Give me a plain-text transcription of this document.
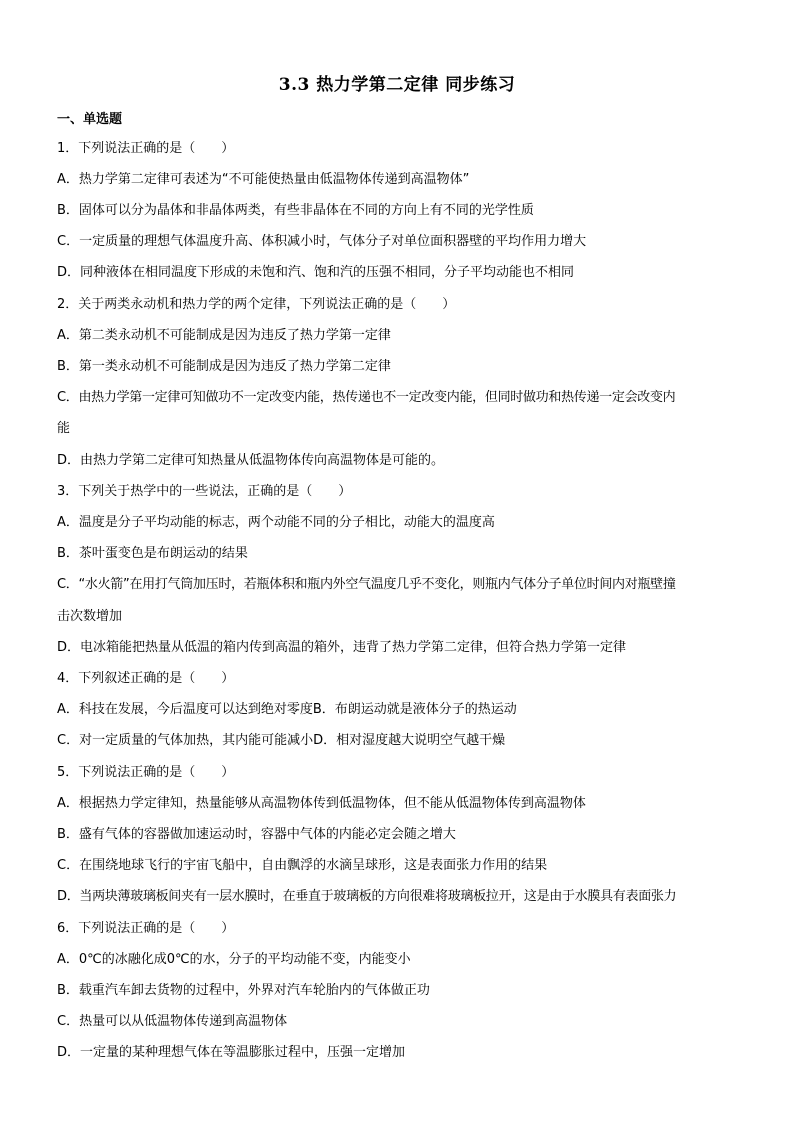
3.3 热力学第二定律 同步练习
一、单选题
1．下列说法正确的是（　　）
A．热力学第二定律可表述为“不可能使热量由低温物体传递到高温物体”
B．固体可以分为晶体和非晶体两类，有些非晶体在不同的方向上有不同的光学性质
C．一定质量的理想气体温度升高、体积减小时，气体分子对单位面积器壁的平均作用力增大
D．同种液体在相同温度下形成的未饱和汽、饱和汽的压强不相同，分子平均动能也不相同
2．关于两类永动机和热力学的两个定律，下列说法正确的是（　　）
A．第二类永动机不可能制成是因为违反了热力学第一定律
B．第一类永动机不可能制成是因为违反了热力学第二定律
C．由热力学第一定律可知做功不一定改变内能，热传递也不一定改变内能，但同时做功和热传递一定会改变内
能
D．由热力学第二定律可知热量从低温物体传向高温物体是可能的。
3．下列关于热学中的一些说法，正确的是（　　）
A．温度是分子平均动能的标志，两个动能不同的分子相比，动能大的温度高
B．茶叶蛋变色是布朗运动的结果
C．“水火箭”在用打气筒加压时，若瓶体积和瓶内外空气温度几乎不变化，则瓶内气体分子单位时间内对瓶壁撞
击次数增加
D．电冰箱能把热量从低温的箱内传到高温的箱外，违背了热力学第二定律，但符合热力学第一定律
4．下列叙述正确的是（　　）
A．科技在发展，今后温度可以达到绝对零度B．布朗运动就是液体分子的热运动
C．对一定质量的气体加热，其内能可能减小D．相对湿度越大说明空气越干燥
5．下列说法正确的是（　　）
A．根据热力学定律知，热量能够从高温物体传到低温物体，但不能从低温物体传到高温物体
B．盛有气体的容器做加速运动时，容器中气体的内能必定会随之增大
C．在围绕地球飞行的宇宙飞船中，自由飘浮的水滴呈球形，这是表面张力作用的结果
D．当两块薄玻璃板间夹有一层水膜时，在垂直于玻璃板的方向很难将玻璃板拉开，这是由于水膜具有表面张力
6．下列说法正确的是（　　）
A．0℃的冰融化成0℃的水，分子的平均动能不变，内能变小
B．载重汽车卸去货物的过程中，外界对汽车轮胎内的气体做正功
C．热量可以从低温物体传递到高温物体
D．一定量的某种理想气体在等温膨胀过程中，压强一定增加
